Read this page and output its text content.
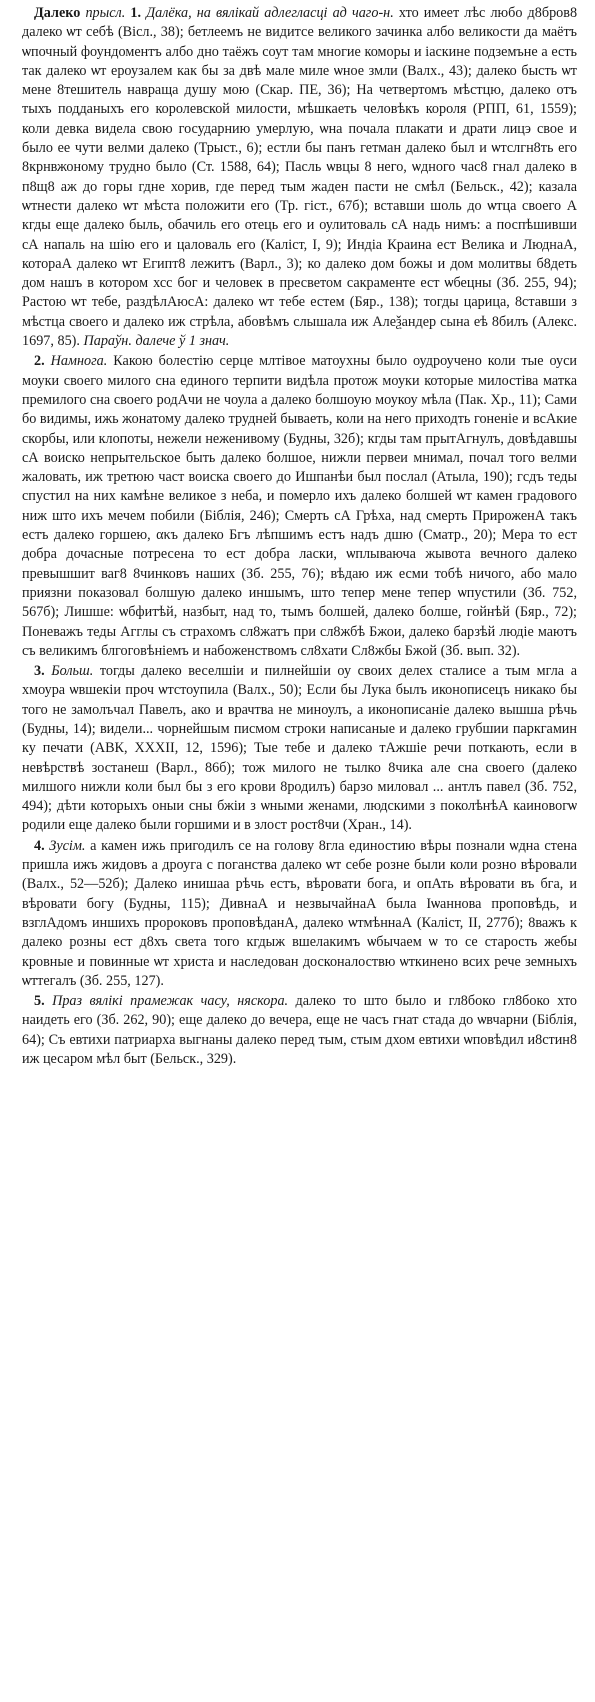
Далеко прысл. 1. Далёка, на вялікай адлегласці ад чаго-н. хто имеет лѣс любо д8бров8 далеко ѡт себѣ (Вісл., 38); бетлеемъ не видитсе великого зачинка албо великости да маётъ ѡпочный фоундоментъ албо дно таёжъ соут там многие коморы и іаскине подземъне а есть так далеко ѡт ероузалем как бы за двѣ мале миле ѡное змли (Валх., 43); далеко бысть ѡт мене 8тешитель навраща душу мою (Скар. ПЕ, 36); На четвертомъ мѣстцю, далеко отъ тыхъ подданыхъ его королевской милости, мѣшкаеть человѣкъ короля (РПП, 61, 1559); коли девка видела свою государнию умерлую, ѡна почала плакати и драти лицэ свое и было ее чути велми далеко (Трыст., 6); естли бы панъ гетман далеко был и ѡтслгн8ть его 8крнвжоному трудно было (Ст. 1588, 64); Пасль ѡвцы 8 него, ѡдного час8 гнал далеко в п8щ8 аж до горы гдне хорив, где перед тым жаден пасти не смѣл (Бельск., 42); казала ѡтнести далеко ѡт мѣста положити его (Тр. гіст., 67б); вставши шоль до ѡтца своего А кгды еще далеко быль, обачиль его отець его и оулитоваль сА надь нимъ: а поспѣшивши сА напаль на шію его и цаловаль его (Каліст, I, 9); Индіа Краина ест Велика и ЛюднаА, котораА далеко ѡт Египт8 лежитъ (Варл., 3); ко далеко дом божы и дом молитвы б8деть дом нашъ в котором хсс бог и человек в пресветом сакраменте ест ѡбецны (Зб. 255, 94); Растою ѡт тебе, раздѣлАюсА: далеко ѡт тебе естем (Бяр., 138); тогды царица, 8ставши з мѣстца своего и далеко иж стрѣла, абовѣмъ слышала иж Алеѯандер сына еѣ 8билъ (Алекс. 1697, 85). Параўн. далече ў 1 знач.

2. Намнога. Какою болестію серце млтівое матоухны было оудроучено коли тые оуси моуки своего милого сна единого терпити видѣла протож моуки которые милостіва матка премилого сна своего родАчи не чоула а далеко болшоую моукоу мѣла (Пак. Хр., 11); Сами бо видимы, ижь жонатому далеко трудней бываеть, коли на него приходть гоненіе и всАкие скорбы, или клопоты, нежели неженивому (Будны, 32б); кгды там прытАгнулъ, довѣдавшы сА воиско непрытельское быть далеко болшое, нижли первеи мнимал, почал того велми жаловать, иж третюю част воиска своего до Ишпанѣи был послал (Атыла, 190); гсдъ теды спустил на них камѣне великое з неба, и померло ихъ далеко болшей ѡт камен градового ниж што ихъ мечем побили (Біблія, 246); Смерть сА Грѣха, над смерть ПрироженА такъ естъ далеко горшею, ακъ далеко Бгъ лѣпшимъ естъ надъ дшю (Сматр., 20); Мера то ест добра дочасные потресена то ест добра ласки, ѡплываюча жывота вечного далеко превышшит ваг8 8чинковъ наших (Зб. 255, 76); вѣдаю иж есми тобѣ ничого, або мало приязни показовал болшую далеко иншымъ, што тепер мене тепер ѡпустили (Зб. 752, 567б); Лишше: ѡбфитѣй, назбыт, над то, тымъ болшей, далеко болше, гойнѣй (Бяр., 72); Поневажъ теды Агглы съ страхомъ сл8жатъ при сл8жбѣ Бжои, далеко барзѣй людіе маютъ съ великимъ блгоговѣніемъ и набоженствомъ сл8хати Сл8жбы Бжой (Зб. вып. 32).

3. Больш. тогды далеко веселшіи и пилнейшіи оу своих делех сталисе а тым мгла а хмоура ѡвшекіи проч ѡтстоупила (Валх., 50); Если бы Лука былъ иконописецъ никако бы того не замолъчал Павелъ, ако и врачтва не миноулъ, а иконописаніе далеко вышша рѣчь (Будны, 14); видели... чорнейшым писмом строки написаные и далеко грубшии паркгамин ку печати (АВК, XXXII, 12, 1596); Тые тебе и далеко тАжшіе речи поткають, если в невѣрствѣ зостанеш (Варл., 86б); тож милого не тылко 8чика але сна своего (далеко милшого нижли коли был бы з его крови 8родилъ) барзо миловал ... антлъ павел (Зб. 752, 494); дѣти которыхъ оныи сны бжіи з ѡными женами, людскими з поколѣнѣА каиновогѡ родили еще далеко были горшими и в злост рост8чи (Хран., 14).

4. Зусім. а камен ижь пригодилъ се на голову 8гла единостию вѣры познали ѡдна стена пришла ижъ жидовъ а дроуга с поганства далеко ѡт себе розне были коли розно вѣровали (Валх., 52—52б); Далеко инишаа рѣчь естъ, вѣровати бога, и опАть вѣровати въ бга, и вѣровати богу (Будны, 115); ДивнаА и незвычайнаА была Іѡаннова проповѣдь, и взглАдомъ иншихъ пророковъ проповѣданА, далеко ѡтмѣннаА (Каліст, II, 277б); 8важъ к далеко розны ест д8хъ света того кгдыж вшелакимъ ѡбычаем ѡ то се старость жебы кровные и повинные ѡт христа и наследован досконалоствю ѡткинено всих рече земныхъ ѡттегалъ (Зб. 255, 127).

5. Праз вялікі прамежак часу, няскора. далеко то што было и гл8боко гл8боко хто наидеть его (Зб. 262, 90); еще далеко до вечера, еще не часъ гнат стада до ѡвчарни (Біблія, 64); Съ евтихи патриарха выгнаны далеко перед тым, стым дхом евтихи ѡповѣдил и8стин8 иж цесаром мѣл быт (Бельск., 329).
